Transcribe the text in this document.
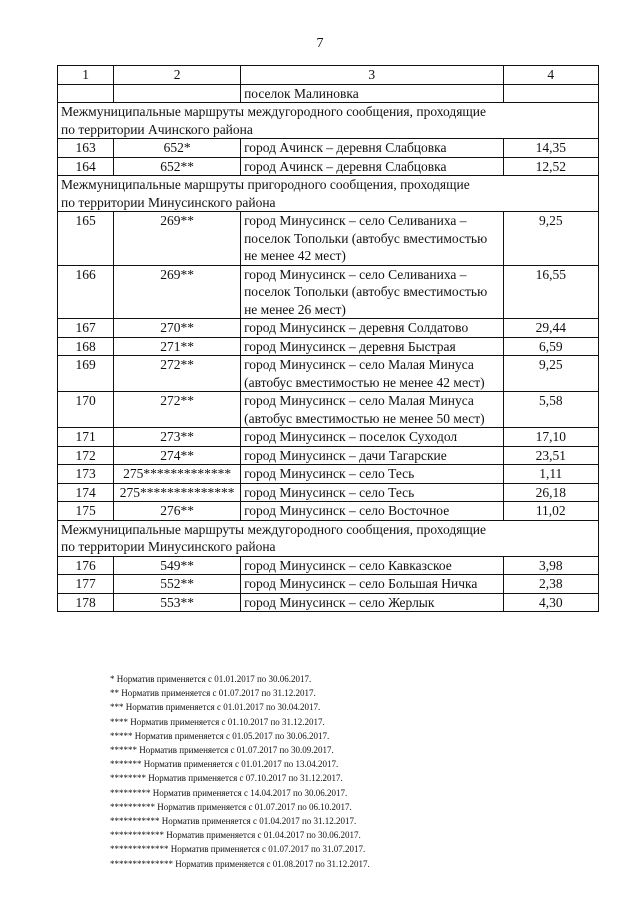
7
1	2	3	4
		поселок Малиновка	

Межмуниципальные маршруты междугородного сообщения, проходящие
по территории Ачинского района			

163	652*	город Ачинск – деревня Слабцовка	14,35
164	652**	город Ачинск – деревня Слабцовка	12,52

Межмуниципальные маршруты пригородного сообщения, проходящие
по территории Минусинского района			

165	269**	город Минусинск – село Селиваниха – поселок Топольки (автобус вместимостью не менее 42 мест)	9,25
166	269**	город Минусинск – село Селиваниха – поселок Топольки (автобус вместимостью не менее 26 мест)	16,55
167	270**	город Минусинск – деревня Солдатово	29,44
168	271**	город Минусинск – деревня Быстрая	6,59
169	272**	город Минусинск – село Малая Минуса (автобус вместимостью не менее 42 мест)	9,25
170	272**	город Минусинск – село Малая Минуса (автобус вместимостью не менее 50 мест)	5,58
171	273**	город Минусинск – поселок Суходол	17,10
172	274**	город Минусинск – дачи Тагарские	23,51
173	275*************	город Минусинск – село Тесь	1,11
174	275**************	город Минусинск – село Тесь	26,18
175	276**	город Минусинск – село Восточное	11,02

Межмуниципальные маршруты междугородного сообщения, проходящие
по территории Минусинского района			

176	549**	город Минусинск – село Кавказское	3,98
177	552**	город Минусинск – село Большая Ничка	2,38
178	553**	город Минусинск – село Жерлык	4,30
* Норматив применяется с 01.01.2017 по 30.06.2017.
** Норматив применяется с 01.07.2017 по 31.12.2017.
*** Норматив применяется с 01.01.2017 по 30.04.2017.
**** Норматив применяется с 01.10.2017 по 31.12.2017.
***** Норматив применяется с 01.05.2017 по 30.06.2017.
****** Норматив применяется с 01.07.2017 по 30.09.2017.
******* Норматив применяется с 01.01.2017 по 13.04.2017.
******** Норматив применяется с 07.10.2017 по 31.12.2017.
********* Норматив применяется с 14.04.2017 по 30.06.2017.
********** Норматив применяется с 01.07.2017 по 06.10.2017.
*********** Норматив применяется с 01.04.2017 по 31.12.2017.
************ Норматив применяется с 01.04.2017 по 30.06.2017.
************* Норматив применяется с 01.07.2017 по 31.07.2017.
************** Норматив применяется с 01.08.2017 по 31.12.2017.
